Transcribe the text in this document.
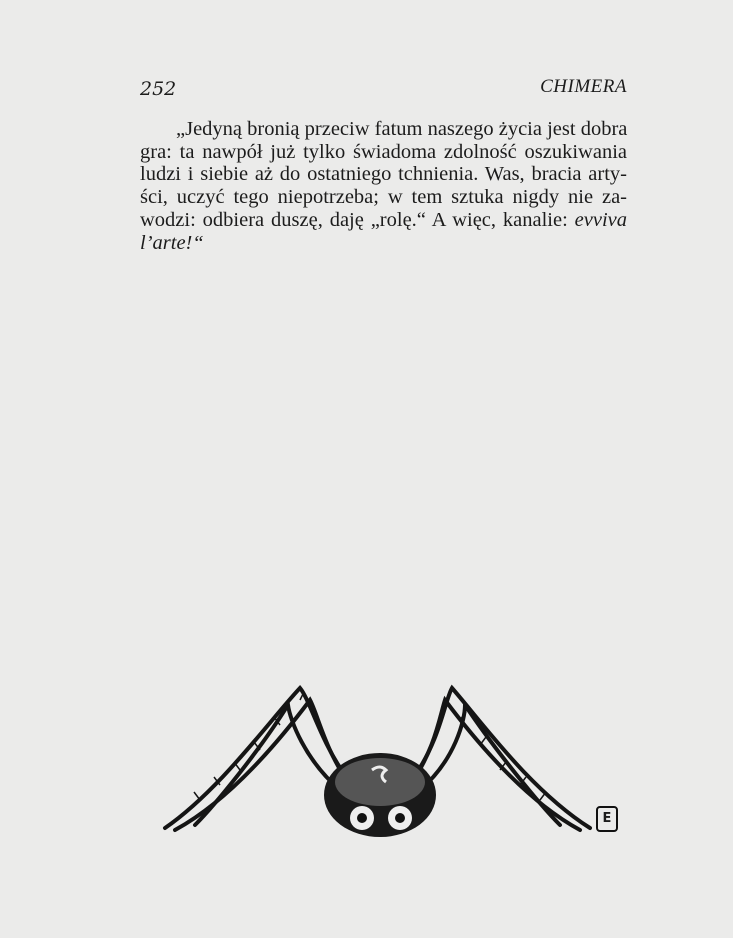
252	CHIMERA
„Jedyną bronią przeciw fatum naszego życia jest dobra
gra: ta nawpół już tylko świadoma zdolność oszukiwania
ludzi i siebie aż do ostatniego tchnienia. Was, bracia arty-
ści, uczyć tego niepotrzeba; w tem sztuka nigdy nie za-
wodzi: odbiera duszę, daję „rolę.“ A więc, kanalie: evviva
l’arte!“
E
